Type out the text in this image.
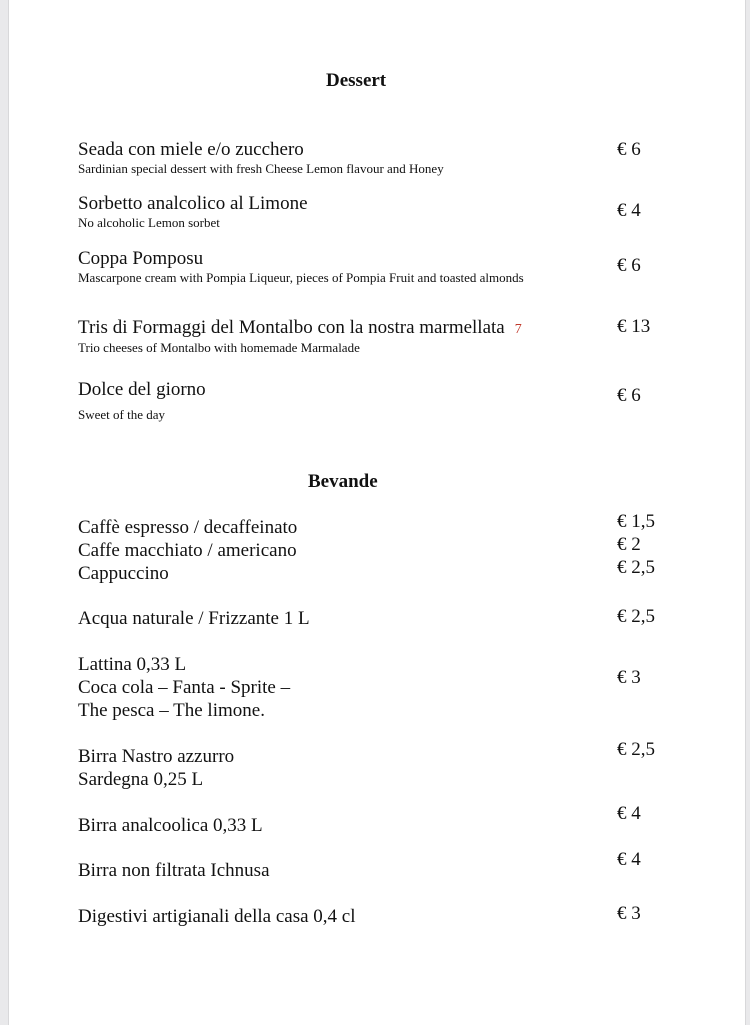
Dessert
Seada con miele e/o zucchero
Sardinian special dessert with fresh Cheese Lemon flavour and Honey
€ 6
Sorbetto analcolico al Limone
No alcoholic Lemon sorbet
€ 4
Coppa Pomposu
Mascarpone cream with Pompia Liqueur, pieces of Pompia Fruit and toasted almonds
€ 6
Tris di Formaggi del Montalbo con la nostra marmellata 7
Trio cheeses of Montalbo with homemade Marmalade
€ 13
Dolce del giorno
Sweet of the day
€ 6
Bevande
Caffè espresso / decaffeinato
Caffe macchiato / americano
Cappuccino
€ 1,5
€ 2
€ 2,5
Acqua naturale / Frizzante 1 L	€ 2,5
Lattina 0,33 L
Coca cola – Fanta - Sprite –
The pesca – The limone.
€ 3
Birra Nastro azzurro
Sardegna 0,25 L
€ 2,5
Birra analcoolica 0,33 L
€ 4
Birra non filtrata Ichnusa
€ 4
Digestivi artigianali della casa 0,4 cl	€ 3
